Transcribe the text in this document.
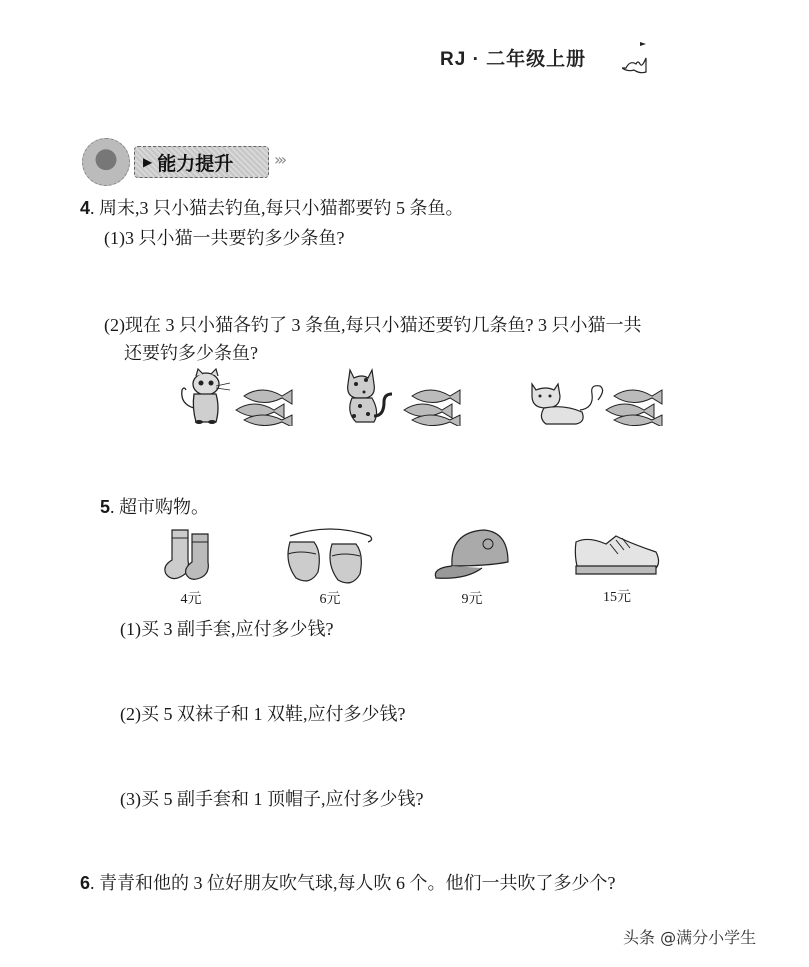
RJ · 二年级上册
▶ 能力提升	›››
4. 周末,3 只小猫去钓鱼,每只小猫都要钓 5 条鱼。
(1)3 只小猫一共要钓多少条鱼?
(2)现在 3 只小猫各钓了 3 条鱼,每只小猫还要钓几条鱼? 3 只小猫一共
还要钓多少条鱼?
5. 超市购物。
4元	6元	9元	15元
(1)买 3 副手套,应付多少钱?
(2)买 5 双袜子和 1 双鞋,应付多少钱?
(3)买 5 副手套和 1 顶帽子,应付多少钱?
6. 青青和他的 3 位好朋友吹气球,每人吹 6 个。他们一共吹了多少个?
头条 @满分小学生
